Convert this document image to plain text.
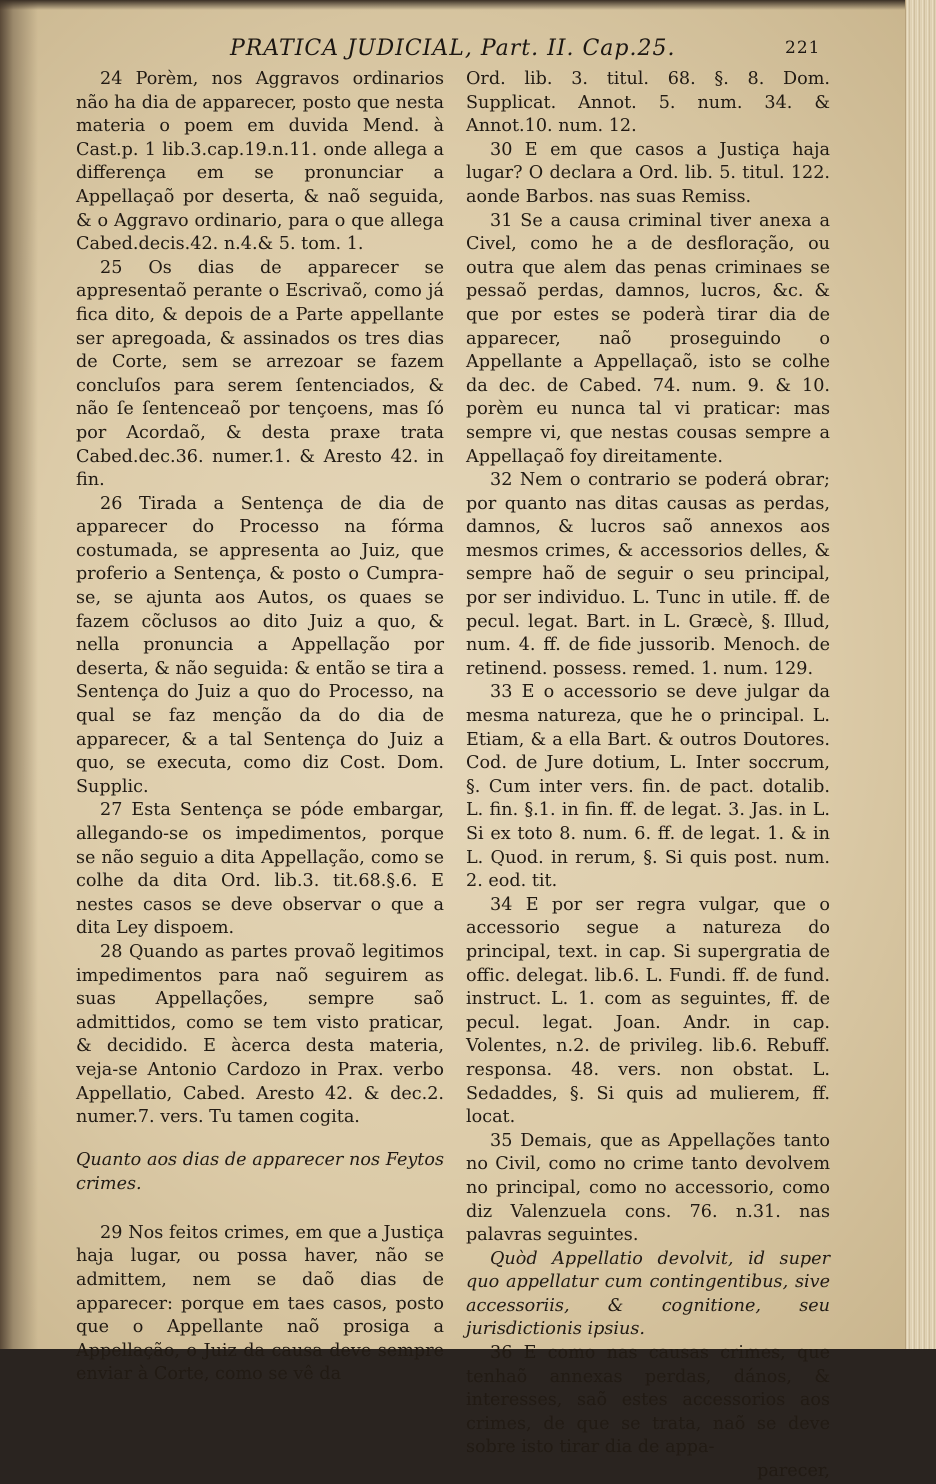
PRATICA JUDICIAL, Part. II. Cap.25.	221

24 Porèm, nos Aggravos ordinarios não ha dia de apparecer, posto que nesta materia o poem em duvida Mend. à Cast.p. 1 lib.3.cap.19.n.11. onde allega a differença em se pronunciar a Appellaçaõ por deserta, & naõ seguida, & o Aggravo ordinario, para o que allega Cabed.decis.42. n.4.& 5. tom. 1.

25 Os dias de apparecer se appresentaõ perante o Escrivaõ, como já fica dito, & depois de a Parte appellante ser apregoada, & assinados os tres dias de Corte, sem se arrezoar se fazem concluſos para serem ſentenciados, & não ſe ſentenceaõ por tençoens, mas ſó por Acordaõ, & desta praxe trata Cabed.dec.36. numer.1. & Aresto 42. in fin.

26 Tirada a Sentença de dia de apparecer do Processo na fórma costumada, se appresenta ao Juiz, que proferio a Sentença, & posto o Cumpra-se, se ajunta aos Autos, os quaes se fazem cõclusos ao dito Juiz a quo, & nella pronuncia a Appellação por deserta, & não seguida: & então se tira a Sentença do Juiz a quo do Processo, na qual se faz menção da do dia de apparecer, & a tal Sentença do Juiz a quo, se executa, como diz Cost. Dom. Supplic.

27 Esta Sentença se póde embargar, allegando-se os impedimentos, porque se não seguio a dita Appellação, como se colhe da dita Ord. lib.3. tit.68.§.6. E nestes casos se deve observar o que a dita Ley dispoem.

28 Quando as partes provaõ legitimos impedimentos para naõ seguirem as suas Appellações, sempre saõ admittidos, como se tem visto praticar, & decidido. E àcerca desta materia, veja-se Antonio Cardozo in Prax. verbo Appellatio, Cabed. Aresto 42. & dec.2. numer.7. vers. Tu tamen cogita.

Quanto aos dias de apparecer nos Feytos crimes.

29 Nos feitos crimes, em que a Justiça haja lugar, ou possa haver, não se admittem, nem se daõ dias de apparecer: porque em taes casos, posto que o Appellante naõ prosiga a Appellação, o Juiz da causa deve sempre enviar à Corte, como se vê da

Ord. lib. 3. titul. 68. §. 8. Dom. Supplicat. Annot. 5. num. 34. & Annot.10. num. 12.

30 E em que casos a Justiça haja lugar? O declara a Ord. lib. 5. titul. 122. aonde Barbos. nas suas Remiss.

31 Se a causa criminal tiver anexa a Civel, como he a de desfloração, ou outra que alem das penas criminaes se pessaõ perdas, damnos, lucros, &c. & que por estes se poderà tirar dia de apparecer, naõ proseguindo o Appellante a Appellaçaõ, isto se colhe da dec. de Cabed. 74. num. 9. & 10. porèm eu nunca tal vi praticar: mas sempre vi, que nestas cousas sempre a Appellaçaõ foy direitamente.

32 Nem o contrario se poderá obrar; por quanto nas ditas causas as perdas, damnos, & lucros saõ annexos aos mesmos crimes, & accessorios delles, & sempre haõ de seguir o seu principal, por ser individuo. L. Tunc in utile. ff. de pecul. legat. Bart. in L. Græcè, §. Illud, num. 4. ff. de fide jussorib. Menoch. de retinend. possess. remed. 1. num. 129.

33 E o accessorio se deve julgar da mesma natureza, que he o principal. L. Etiam, & a ella Bart. & outros Doutores. Cod. de Jure dotium, L. Inter soccrum, §. Cum inter vers. fin. de pact. dotalib. L. fin. §.1. in fin. ff. de legat. 3. Jas. in L. Si ex toto 8. num. 6. ff. de legat. 1. & in L. Quod. in rerum, §. Si quis post. num. 2. eod. tit.

34 E por ser regra vulgar, que o accessorio segue a natureza do principal, text. in cap. Si supergratia de offic. delegat. lib.6. L. Fundi. ff. de fund. instruct. L. 1. com as seguintes, ff. de pecul. legat. Joan. Andr. in cap. Volentes, n.2. de privileg. lib.6. Rebuff. responsa. 48. vers. non obstat. L. Sedaddes, §. Si quis ad mulierem, ff. locat.

35 Demais, que as Appellações tanto no Civil, como no crime tanto devolvem no principal, como no accessorio, como diz Valenzuela cons. 76. n.31. nas palavras seguintes.

Quòd Appellatio devolvit, id super quo appellatur cum contingentibus, sive accessoriis, & cognitione, seu jurisdictionis ipsius.

36 E como nas causas crimes, que tenhaõ annexas perdas, dános, & interesses, saõ estes accessorios aos crimes, de que se trata, naõ se deve sobre isto tirar dia de appa-

parecer,
